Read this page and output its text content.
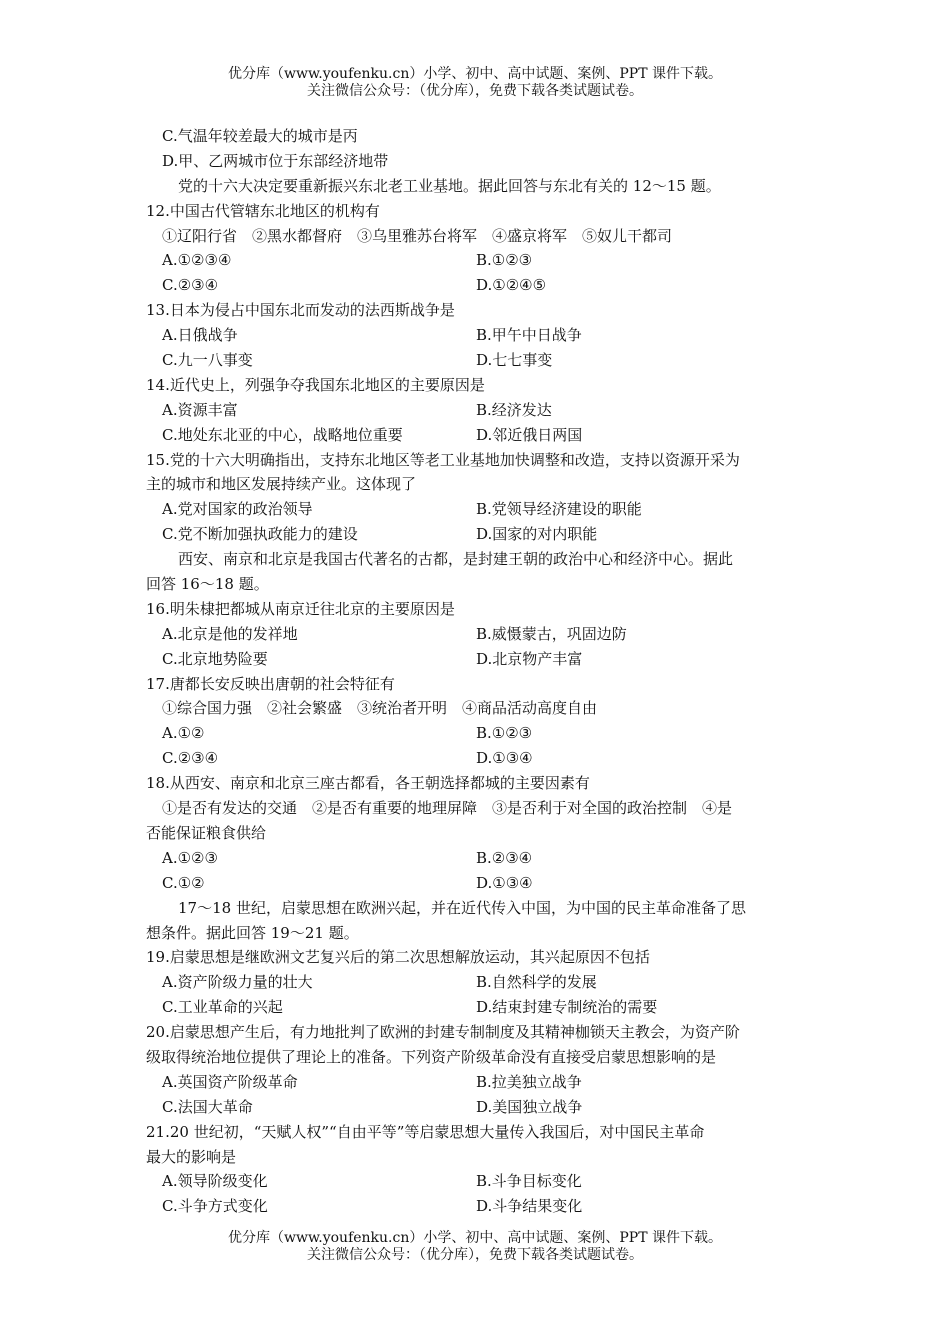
优分库（www.youfenku.cn）小学、初中、高中试题、案例、PPT 课件下载。
关注微信公众号：（优分库），免费下载各类试题试卷。
C.气温年较差最大的城市是丙
D.甲、乙两城市位于东部经济地带
党的十六大决定要重新振兴东北老工业基地。据此回答与东北有关的 12～15 题。
12.中国古代管辖东北地区的机构有
①辽阳行省　②黑水都督府　③乌里雅苏台将军　④盛京将军　⑤奴儿干都司
A.①②③④	B.①②③
C.②③④	D.①②④⑤
13.日本为侵占中国东北而发动的法西斯战争是
A.日俄战争	B.甲午中日战争
C.九一八事变	D.七七事变
14.近代史上，列强争夺我国东北地区的主要原因是
A.资源丰富	B.经济发达
C.地处东北亚的中心，战略地位重要	D.邻近俄日两国
15.党的十六大明确指出，支持东北地区等老工业基地加快调整和改造，支持以资源开采为
主的城市和地区发展持续产业。这体现了
A.党对国家的政治领导	B.党领导经济建设的职能
C.党不断加强执政能力的建设	D.国家的对内职能
西安、南京和北京是我国古代著名的古都，是封建王朝的政治中心和经济中心。据此
回答 16～18 题。
16.明朱棣把都城从南京迁往北京的主要原因是
A.北京是他的发祥地	B.威慑蒙古，巩固边防
C.北京地势险要	D.北京物产丰富
17.唐都长安反映出唐朝的社会特征有
①综合国力强　②社会繁盛　③统治者开明　④商品活动高度自由
A.①②	B.①②③
C.②③④	D.①③④
18.从西安、南京和北京三座古都看，各王朝选择都城的主要因素有
①是否有发达的交通　②是否有重要的地理屏障　③是否利于对全国的政治控制　④是
否能保证粮食供给
A.①②③	B.②③④
C.①②	D.①③④
17～18 世纪，启蒙思想在欧洲兴起，并在近代传入中国，为中国的民主革命准备了思
想条件。据此回答 19～21 题。
19.启蒙思想是继欧洲文艺复兴后的第二次思想解放运动，其兴起原因不包括
A.资产阶级力量的壮大	B.自然科学的发展
C.工业革命的兴起	D.结束封建专制统治的需要
20.启蒙思想产生后，有力地批判了欧洲的封建专制制度及其精神枷锁天主教会，为资产阶
级取得统治地位提供了理论上的准备。下列资产阶级革命没有直接受启蒙思想影响的是
A.英国资产阶级革命	B.拉美独立战争
C.法国大革命	D.美国独立战争
21.20 世纪初，“天赋人权”“自由平等”等启蒙思想大量传入我国后，对中国民主革命
最大的影响是
A.领导阶级变化	B.斗争目标变化
C.斗争方式变化	D.斗争结果变化
优分库（www.youfenku.cn）小学、初中、高中试题、案例、PPT 课件下载。
关注微信公众号：（优分库），免费下载各类试题试卷。
